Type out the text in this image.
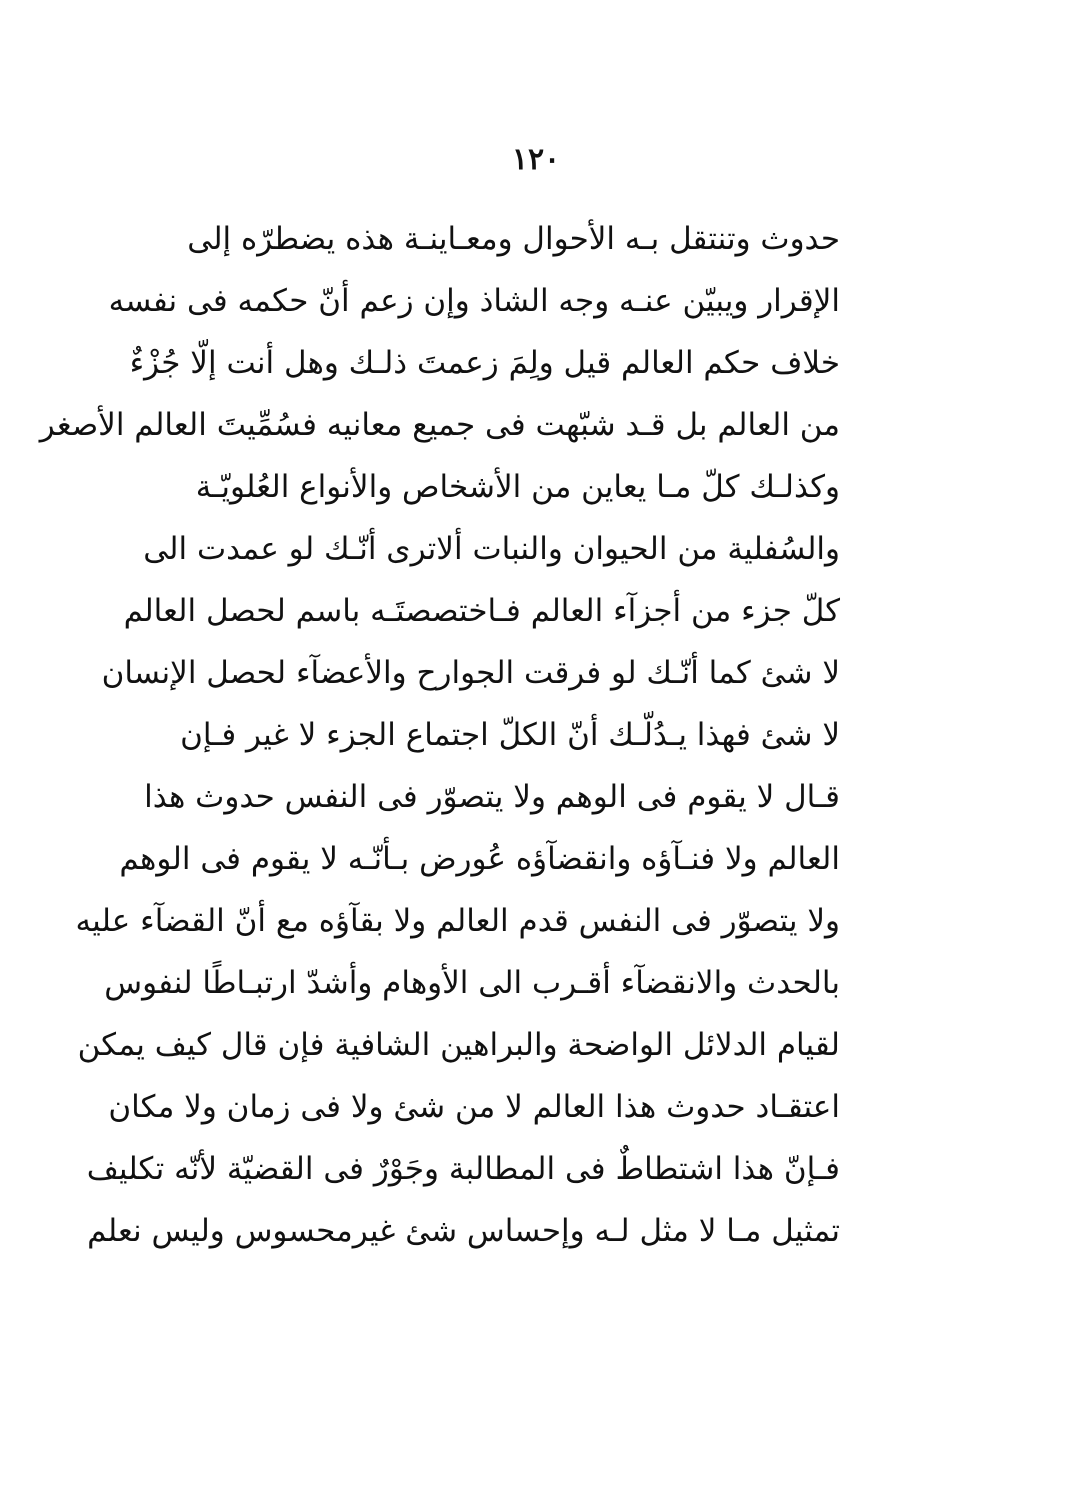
١٢٠
حدوث وتنتقل بـه الأحوال ومعـاينـة هذه يضطرّه إلى
الإقرار ويبيّن عنـه وجه الشاذ وإن زعم أنّ حكمه فى نفسه
خلاف حكم العالم قيل ولِمَ زعمتَ ذلـك وهل أنت إلّا جُزْءٌ
من العالم بل قـد شبّهت فى جميع معانيه فسُمِّيتَ العالم الأصغر
وكذلـك كلّ مـا يعاين من الأشخاص والأنواع العُلويّـة
والسُفلية من الحيوان والنبات ألاترى أنّـك لو عمدت الى
كلّ جزء من أجزآء العالم فـاختصصتَـه باسم لحصل العالم
لا شئ كما أنّـك لو فرقت الجوارح والأعضآء لحصل الإنسان
لا شئ فهذا يـدُلّـك أنّ الكلّ اجتماع الجزء لا غير فـإن
قـال لا يقوم فى الوهم ولا يتصوّر فى النفس حدوث هذا
العالم ولا فنـآؤه وانقضآؤه عُورض بـأنّـه لا يقوم فى الوهم
ولا يتصوّر فى النفس قدم العالم ولا بقآؤه مع أنّ القضآء عليه
بالحدث والانقضآء أقـرب الى الأوهام وأشدّ ارتبـاطًا لنفوس
لقيام الدلائل الواضحة والبراهين الشافية فإن قال كيف يمكن
اعتقـاد حدوث هذا العالم لا من شئ ولا فى زمان ولا مكان
فـإنّ هذا اشتطاطٌ فى المطالبة وجَوْرٌ فى القضيّة لأنّه تكليف
تمثيل مـا لا مثل لـه وإحساس شئ غيرمحسوس وليس نعلم
